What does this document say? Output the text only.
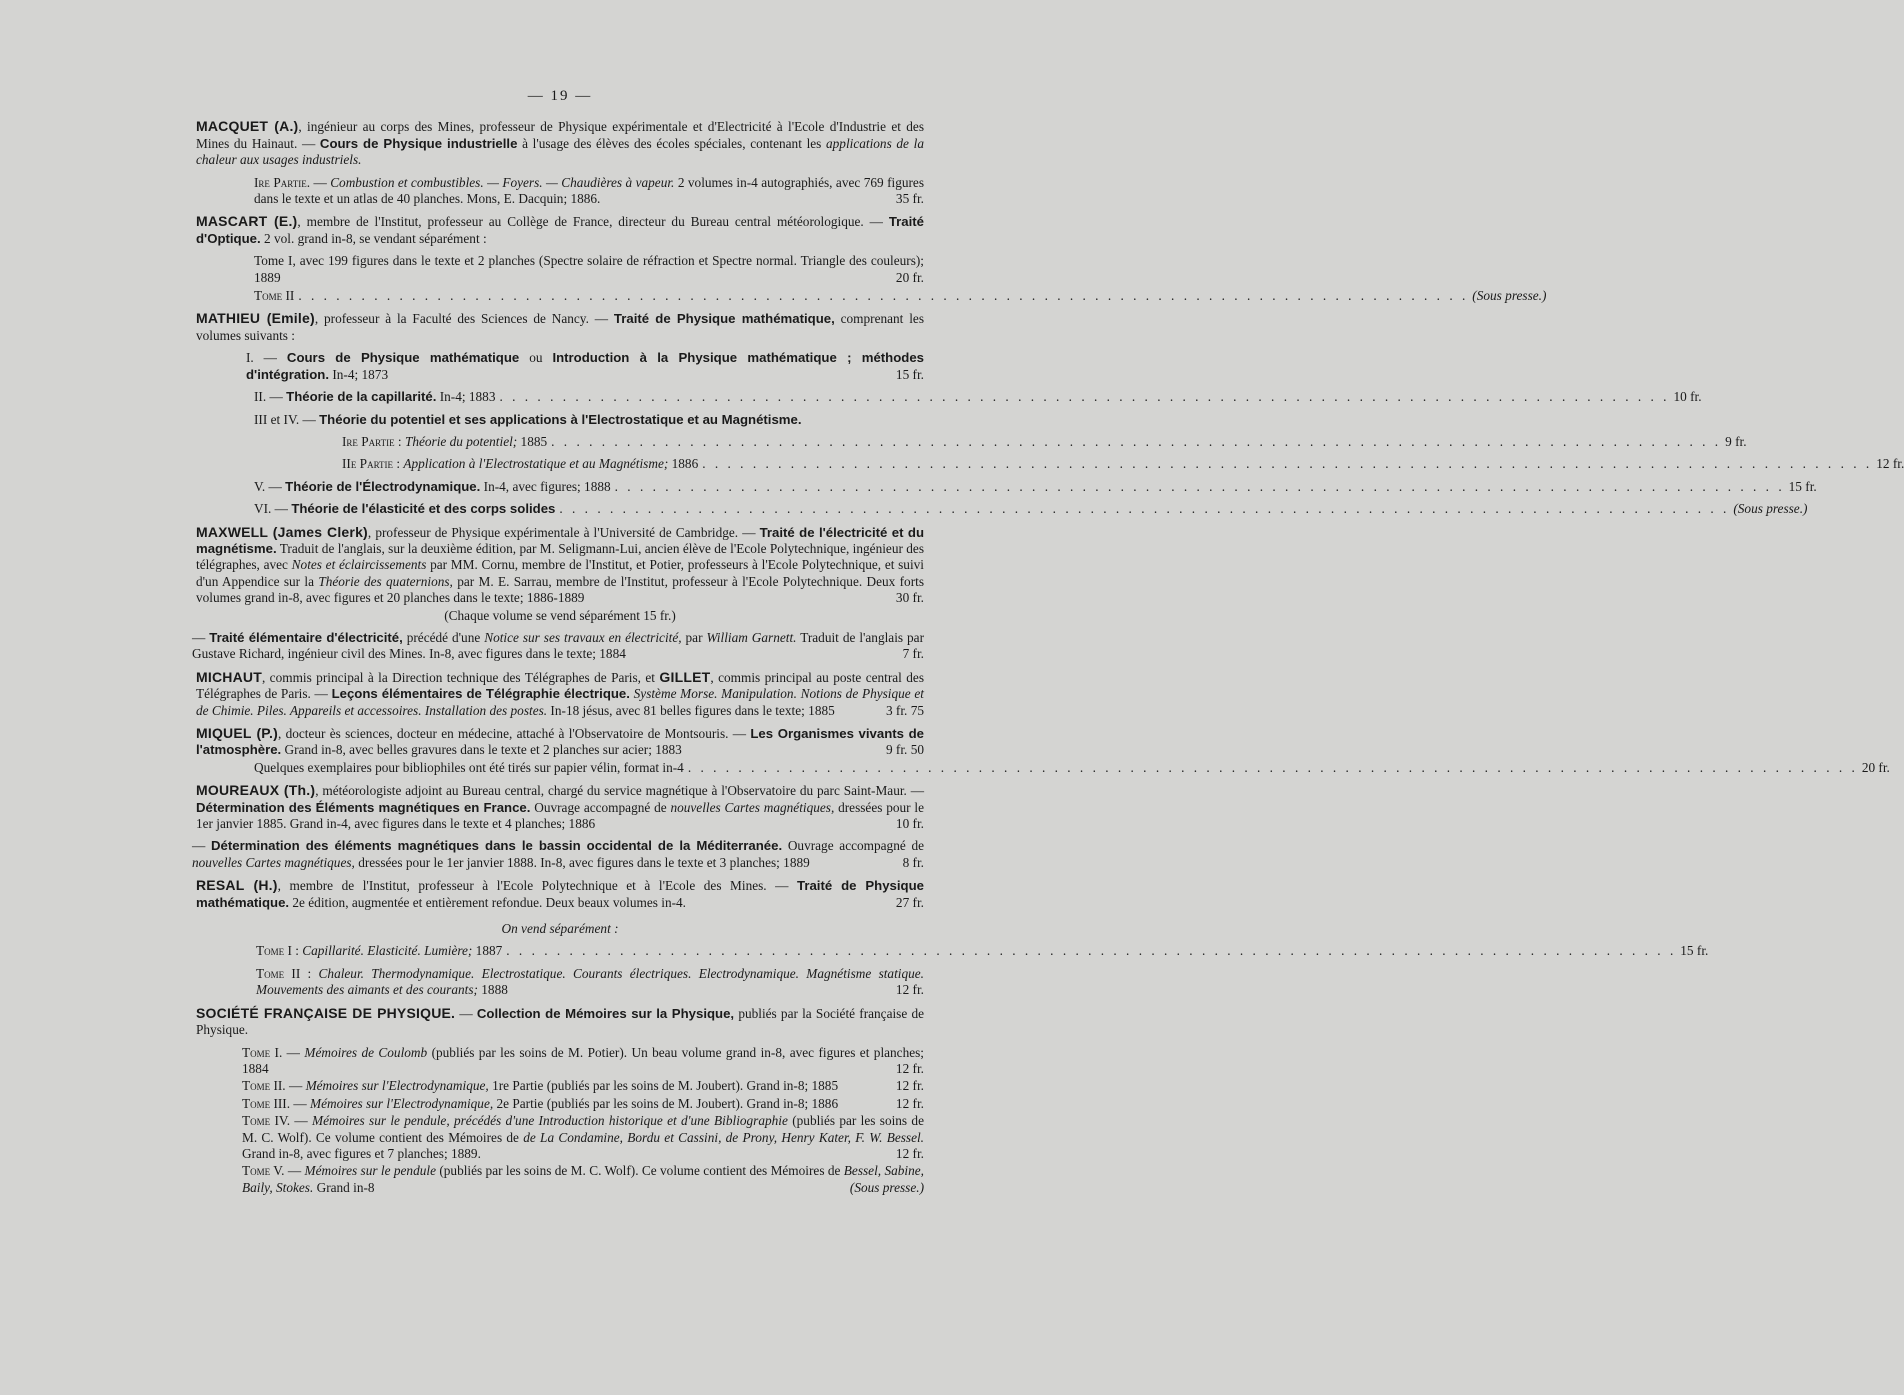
— 19 —
MACQUET (A.), ingénieur au corps des Mines, professeur de Physique expérimentale et d'Electricité à l'Ecole d'Industrie et des Mines du Hainaut. — Cours de Physique industrielle à l'usage des élèves des écoles spéciales, contenant les applications de la chaleur aux usages industriels.
Ire Partie. — Combustion et combustibles. — Foyers. — Chaudières à vapeur. 2 volumes in-4 autographiés, avec 769 figures dans le texte et un atlas de 40 planches. Mons, E. Dacquin; 1886.	35 fr.
MASCART (E.), membre de l'Institut, professeur au Collège de France, directeur du Bureau central météorologique. — Traité d'Optique. 2 vol. grand in-8, se vendant séparément :
Tome I, avec 199 figures dans le texte et 2 planches (Spectre solaire de réfraction et Spectre normal. Triangle des couleurs); 1889	20 fr.
Tome II . . .	(Sous presse.)
MATHIEU (Emile), professeur à la Faculté des Sciences de Nancy. — Traité de Physique mathématique, comprenant les volumes suivants :
I. — Cours de Physique mathématique ou Introduction à la Physique mathématique ; méthodes d'intégration. In-4; 1873	15 fr.
II. — Théorie de la capillarité. In-4; 1883 . . .	10 fr.
III et IV. — Théorie du potentiel et ses applications à l'Electrostatique et au Magnétisme.
Ire Partie : Théorie du potentiel; 1885 . . .	9 fr.
IIe Partie : Application à l'Electrostatique et au Magnétisme; 1886 . . .	12 fr.
V. — Théorie de l'Électrodynamique. In-4, avec figures; 1888 . . .	15 fr.
VI. — Théorie de l'élasticité et des corps solides . . .	(Sous presse.)
MAXWELL (James Clerk), professeur de Physique expérimentale à l'Université de Cambridge. — Traité de l'électricité et du magnétisme. Traduit de l'anglais, sur la deuxième édition, par M. Seligmann-Lui, ancien élève de l'Ecole Polytechnique, ingénieur des télégraphes, avec Notes et éclaircissements par MM. Cornu, membre de l'Institut, et Potier, professeurs à l'Ecole Polytechnique, et suivi d'un Appendice sur la Théorie des quaternions, par M. E. Sarrau, membre de l'Institut, professeur à l'Ecole Polytechnique. Deux forts volumes grand in-8, avec figures et 20 planches dans le texte; 1886-1889	30 fr.
(Chaque volume se vend séparément 15 fr.)
— Traité élémentaire d'électricité, précédé d'une Notice sur ses travaux en électricité, par William Garnett. Traduit de l'anglais par Gustave Richard, ingénieur civil des Mines. In-8, avec figures dans le texte; 1884	7 fr.
MICHAUT, commis principal à la Direction technique des Télégraphes de Paris, et GILLET, commis principal au poste central des Télégraphes de Paris. — Leçons élémentaires de Télégraphie électrique. Système Morse. Manipulation. Notions de Physique et de Chimie. Piles. Appareils et accessoires. Installation des postes. In-18 jésus, avec 81 belles figures dans le texte; 1885	3 fr. 75
MIQUEL (P.), docteur ès sciences, docteur en médecine, attaché à l'Observatoire de Montsouris. — Les Organismes vivants de l'atmosphère. Grand in-8, avec belles gravures dans le texte et 2 planches sur acier; 1883	9 fr. 50
Quelques exemplaires pour bibliophiles ont été tirés sur papier vélin, format in-4 . . .	20 fr.
MOUREAUX (Th.), météorologiste adjoint au Bureau central, chargé du service magnétique à l'Observatoire du parc Saint-Maur. — Détermination des Éléments magnétiques en France. Ouvrage accompagné de nouvelles Cartes magnétiques, dressées pour le 1er janvier 1885. Grand in-4, avec figures dans le texte et 4 planches; 1886	10 fr.
— Détermination des éléments magnétiques dans le bassin occidental de la Méditerranée. Ouvrage accompagné de nouvelles Cartes magnétiques, dressées pour le 1er janvier 1888. In-8, avec figures dans le texte et 3 planches; 1889	8 fr.
RESAL (H.), membre de l'Institut, professeur à l'Ecole Polytechnique et à l'Ecole des Mines. — Traité de Physique mathématique. 2e édition, augmentée et entièrement refondue. Deux beaux volumes in-4.	27 fr.
On vend séparément :
Tome I : Capillarité. Elasticité. Lumière; 1887 . . .	15 fr.
Tome II : Chaleur. Thermodynamique. Electrostatique. Courants électriques. Electrodynamique. Magnétisme statique. Mouvements des aimants et des courants; 1888	12 fr.
SOCIÉTÉ FRANÇAISE DE PHYSIQUE. — Collection de Mémoires sur la Physique, publiés par la Société française de Physique.
Tome I. — Mémoires de Coulomb (publiés par les soins de M. Potier). Un beau volume grand in-8, avec figures et planches; 1884	12 fr.
Tome II. — Mémoires sur l'Electrodynamique, 1re Partie (publiés par les soins de M. Joubert). Grand in-8; 1885	12 fr.
Tome III. — Mémoires sur l'Electrodynamique, 2e Partie (publiés par les soins de M. Joubert). Grand in-8; 1886	12 fr.
Tome IV. — Mémoires sur le pendule, précédés d'une Introduction historique et d'une Bibliographie (publiés par les soins de M. C. Wolf). Ce volume contient des Mémoires de de La Condamine, Bordu et Cassini, de Prony, Henry Kater, F. W. Bessel. Grand in-8, avec figures et 7 planches; 1889.	12 fr.
Tome V. — Mémoires sur le pendule (publiés par les soins de M. C. Wolf). Ce volume contient des Mémoires de Bessel, Sabine, Baily, Stokes. Grand in-8	(Sous presse.)
